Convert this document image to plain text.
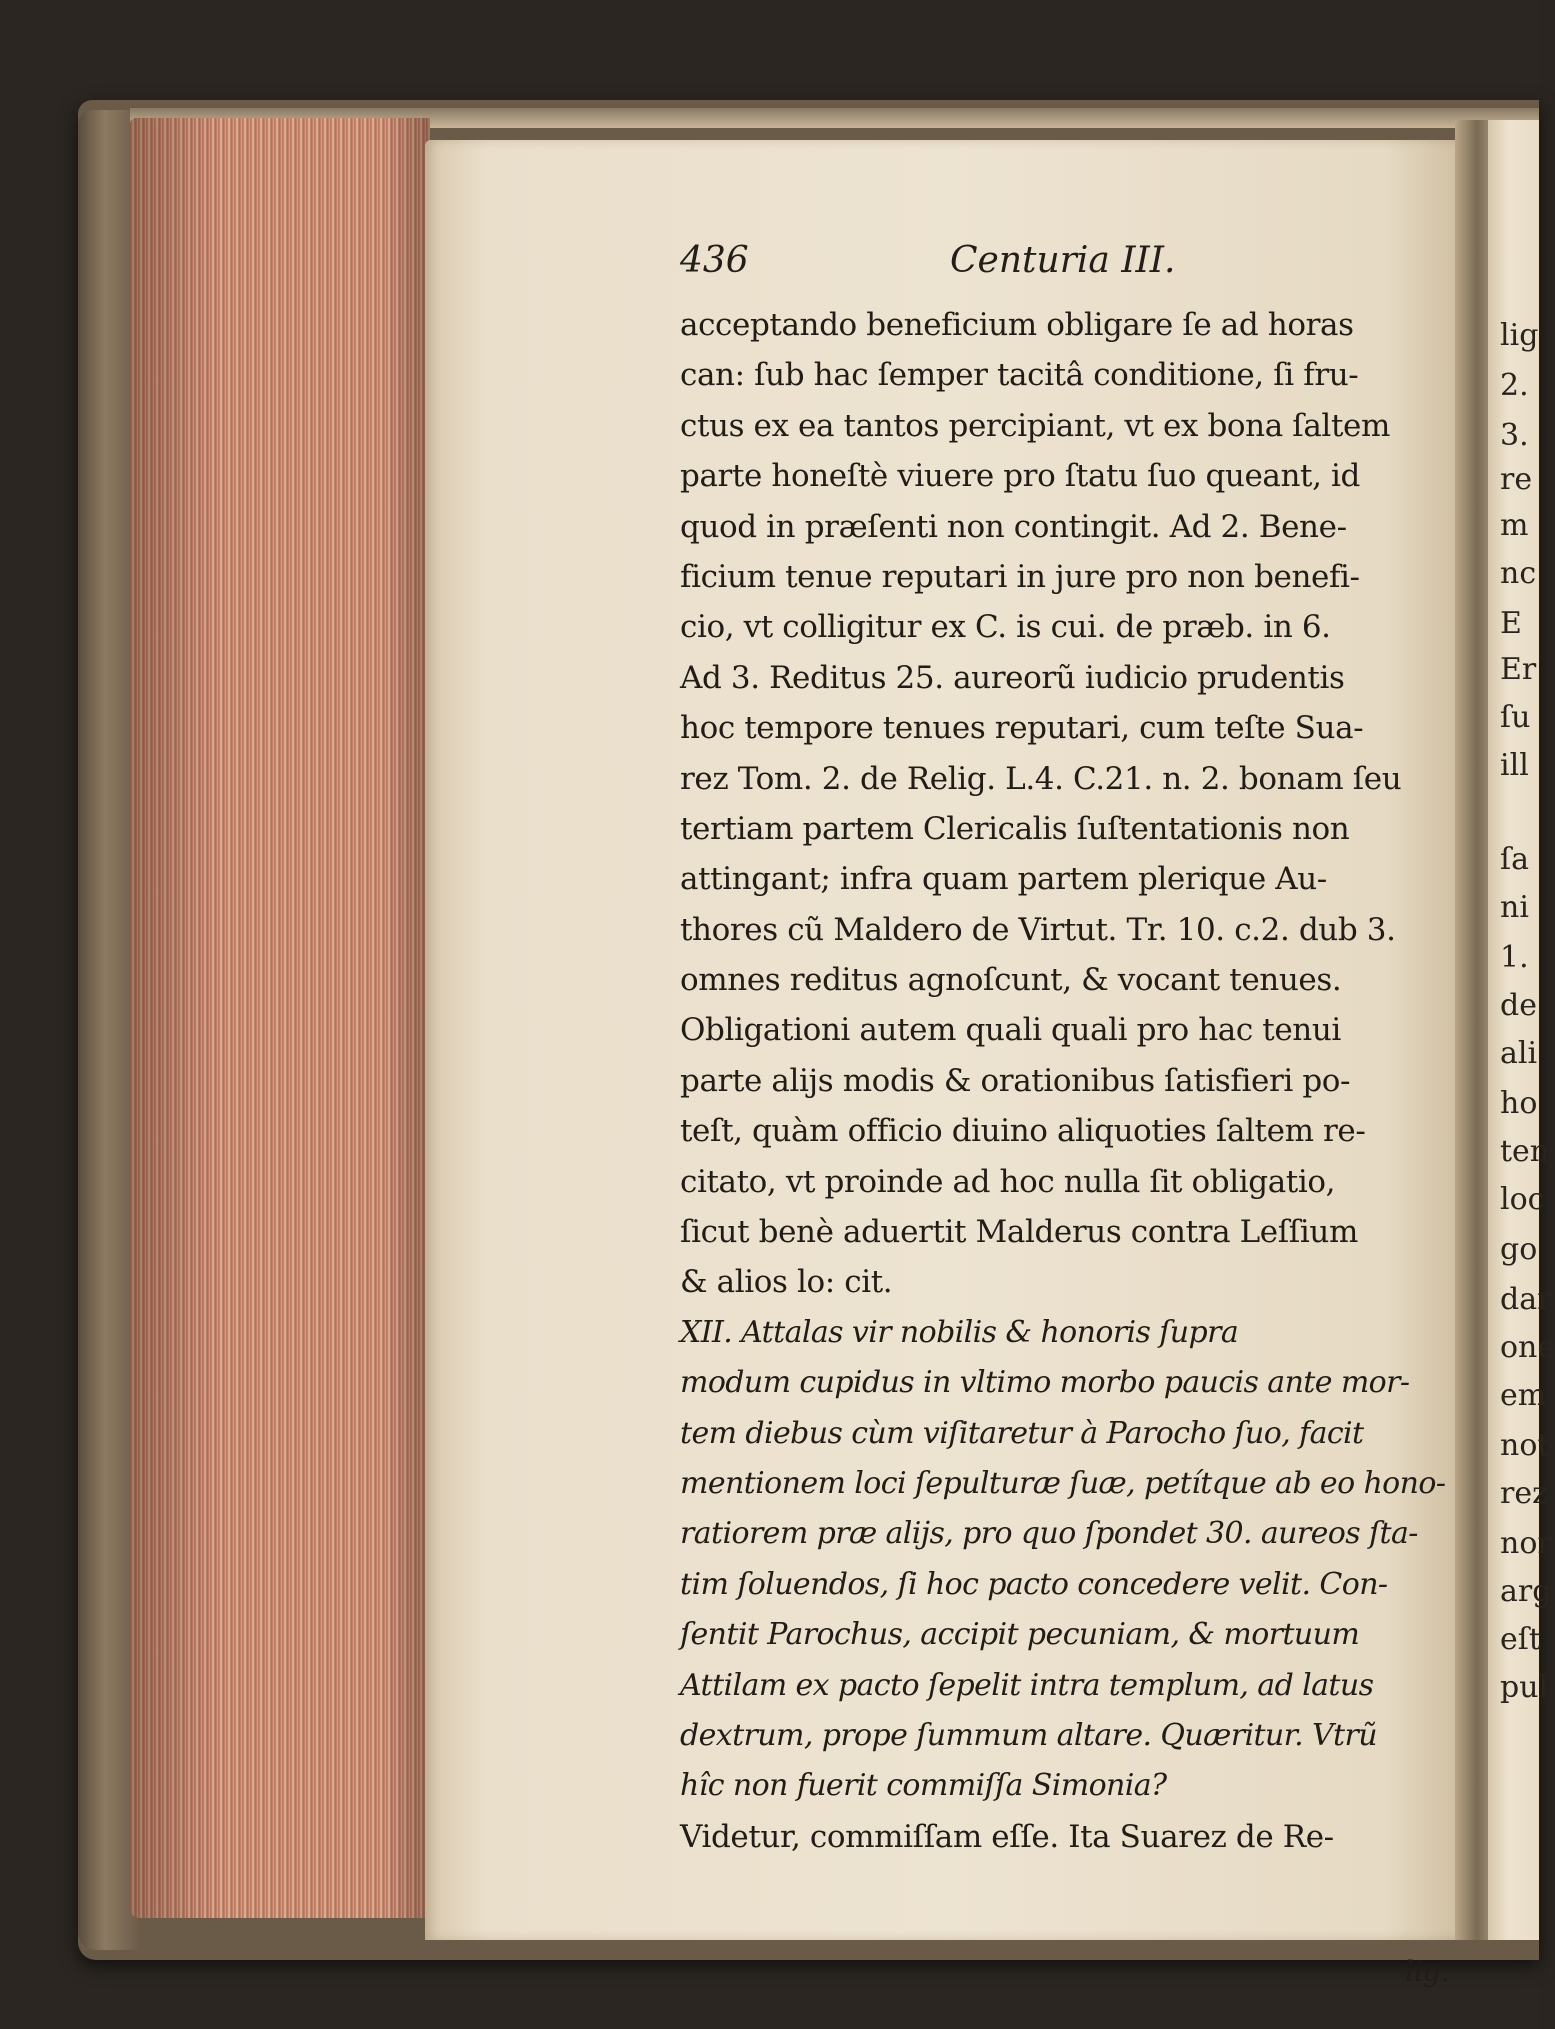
436	Centuria III.
acceptando beneficium obligare ſe ad horas
can: ſub hac ſemper tacitâ conditione, ſi fru-
ctus ex ea tantos percipiant, vt ex bona ſaltem
parte honeſtè viuere pro ſtatu ſuo queant, id
quod in præſenti non contingit. Ad 2. Bene-
ficium tenue reputari in jure pro non benefi-
cio, vt colligitur ex C. is cui. de præb. in 6.
Ad 3. Reditus 25. aureorũ iudicio prudentis
hoc tempore tenues reputari, cum teſte Sua-
rez Tom. 2. de Relig. L.4. C.21. n. 2. bonam ſeu
tertiam partem Clericalis ſuſtentationis non
attingant; infra quam partem plerique Au-
thores cũ Maldero de Virtut. Tr. 10. c.2. dub 3.
omnes reditus agnoſcunt, & vocant tenues.
Obligationi autem quali quali pro hac tenui
parte alijs modis & orationibus ſatisfieri po-
teſt, quàm officio diuino aliquoties ſaltem re-
citato, vt proinde ad hoc nulla ſit obligatio,
ſicut benè aduertit Malderus contra Leſſium
& alios lo: cit.
XII. Attalas vir nobilis & honoris ſupra
modum cupidus in vltimo morbo paucis ante mor-
tem diebus cùm viſitaretur à Parocho ſuo, facit
mentionem loci ſepulturæ ſuæ, petítque ab eo hono-
ratiorem præ alijs, pro quo ſpondet 30. aureos ſta-
tim ſoluendos, ſi hoc pacto concedere velit. Con-
ſentit Parochus, accipit pecuniam, & mortuum
Attilam ex pacto ſepelit intra templum, ad latus
dextrum, prope ſummum altare. Quæritur. Vtrũ
hîc non fuerit commiſſa Simonia?
Videtur, commiſſam eſſe. Ita Suarez de Re-
lig.
lig
2.
3.
re
m
nc
E
Er
ſu
ill
ſa
ni
1.
de
ali
ho
ten
loc
go
dar
one
em
not
rez
nor
arg
eſt
pul
